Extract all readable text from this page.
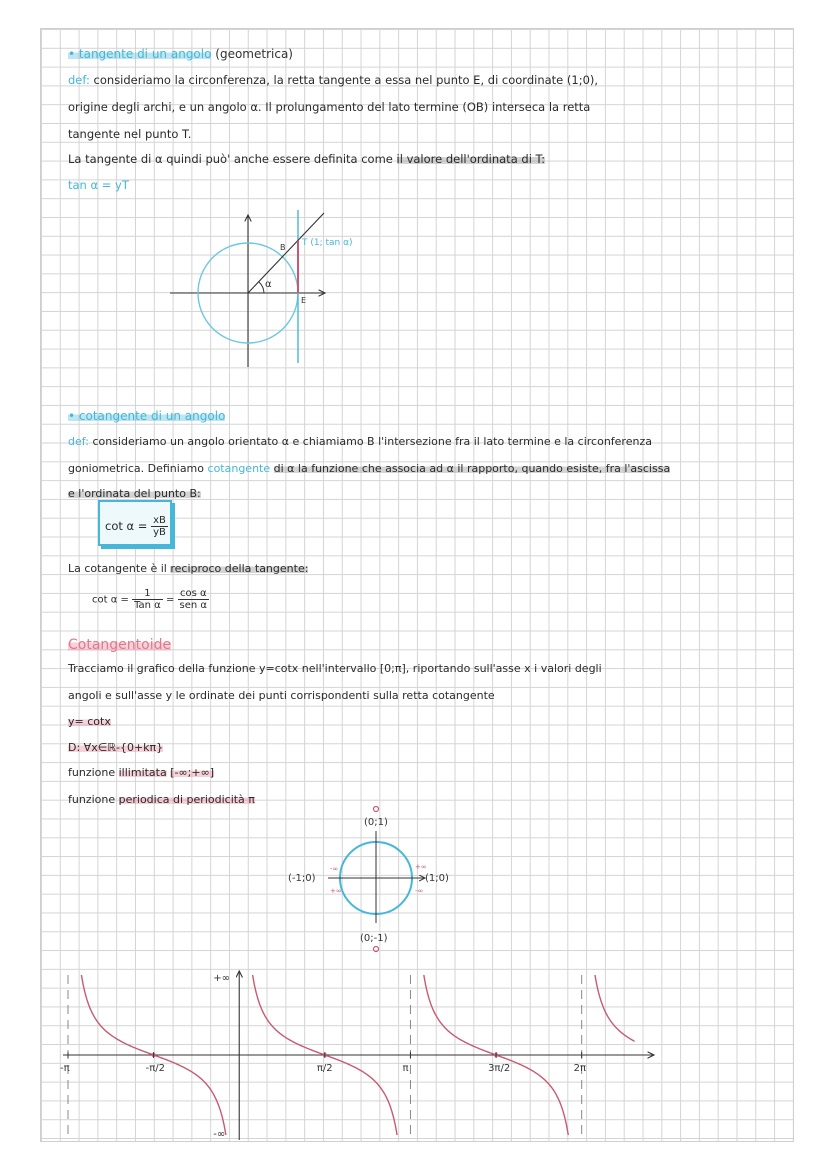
• tangente di un angolo (geometrica)
def: consideriamo la circonferenza, la retta tangente a essa nel punto E, di coordinate (1;0),
origine degli archi, e un angolo α. Il prolungamento del lato termine (OB) interseca la retta
tangente nel punto T.
La tangente di α quindi può' anche essere definita come il valore dell'ordinata di T:
tan α = yT
α
B
E
T (1; tan α)
• cotangente di un angolo
def: consideriamo un angolo orientato α e chiamiamo B l'intersezione fra il lato termine e la circonferenza
goniometrica. Definiamo cotangente di α la funzione che associa ad α il rapporto, quando esiste, fra l'ascissa
e l'ordinata del punto B:
$\cot \alpha = \frac{xB}{yB}$
La cotangente è il reciproco della tangente:
$\cot \alpha = \frac{1}{\text{Tan α}} = \frac{\text{cos α}}{\text{sen α}}$
Cotangentoide
Tracciamo il grafico della funzione y=cotx nell'intervallo [0;π], riportando sull'asse x i valori degli
angoli e sull'asse y le ordinate dei punti corrispondenti sulla retta cotangente
y= cotx
D: ∀x∈ℝ-{0+kπ}
funzione illimitata [-∞;+∞]
funzione periodica di periodicità π
(0;1)
(0;-1)
(-1;0)	(1;0)
-∞
+∞
+∞
-∞
-π	-π/2	π/2	π	3π/2	2π
+∞
-∞
